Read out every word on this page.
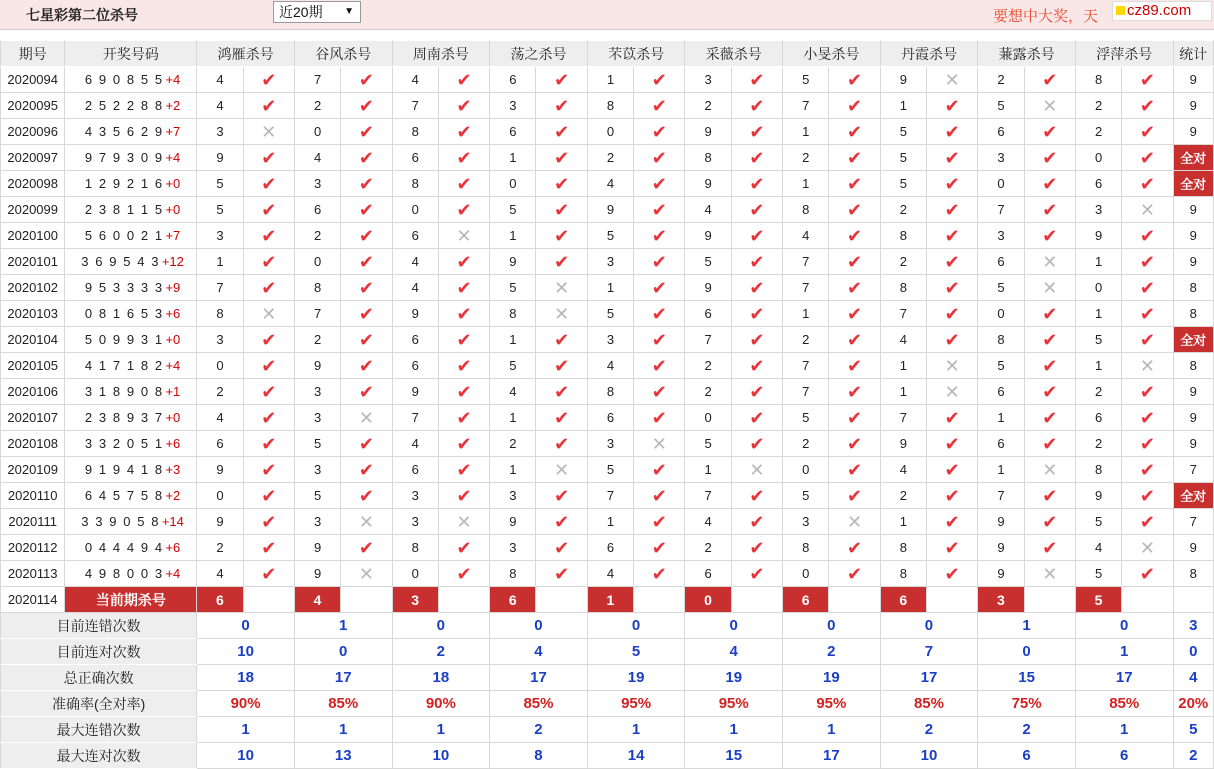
七星彩第二位杀号	近20期 ▼	要想中大奖，天	cz89.com
期号	开奖号码	鸿雁杀号		谷风杀号		周南杀号		荡之杀号		芣苡杀号		采薇杀号		小旻杀号		丹霞杀号		蒹露杀号		浮萍杀号		统计
2020094	6 9 0 8 5 5 +4	4	✔	7	✔	4	✔	6	✔	1	✔	3	✔	5	✔	9	✕	2	✔	8	✔	9
2020095	2 5 2 2 8 8 +2	4	✔	2	✔	7	✔	3	✔	8	✔	2	✔	7	✔	1	✔	5	✕	2	✔	9
2020096	4 3 5 6 2 9 +7	3	✕	0	✔	8	✔	6	✔	0	✔	9	✔	1	✔	5	✔	6	✔	2	✔	9
2020097	9 7 9 3 0 9 +4	9	✔	4	✔	6	✔	1	✔	2	✔	8	✔	2	✔	5	✔	3	✔	0	✔	全对
2020098	1 2 9 2 1 6 +0	5	✔	3	✔	8	✔	0	✔	4	✔	9	✔	1	✔	5	✔	0	✔	6	✔	全对
2020099	2 3 8 1 1 5 +0	5	✔	6	✔	0	✔	5	✔	9	✔	4	✔	8	✔	2	✔	7	✔	3	✕	9
2020100	5 6 0 0 2 1 +7	3	✔	2	✔	6	✕	1	✔	5	✔	9	✔	4	✔	8	✔	3	✔	9	✔	9
2020101	3 6 9 5 4 3 +12	1	✔	0	✔	4	✔	9	✔	3	✔	5	✔	7	✔	2	✔	6	✕	1	✔	9
2020102	9 5 3 3 3 3 +9	7	✔	8	✔	4	✔	5	✕	1	✔	9	✔	7	✔	8	✔	5	✕	0	✔	8
2020103	0 8 1 6 5 3 +6	8	✕	7	✔	9	✔	8	✕	5	✔	6	✔	1	✔	7	✔	0	✔	1	✔	8
2020104	5 0 9 9 3 1 +0	3	✔	2	✔	6	✔	1	✔	3	✔	7	✔	2	✔	4	✔	8	✔	5	✔	全对
2020105	4 1 7 1 8 2 +4	0	✔	9	✔	6	✔	5	✔	4	✔	2	✔	7	✔	1	✕	5	✔	1	✕	8
2020106	3 1 8 9 0 8 +1	2	✔	3	✔	9	✔	4	✔	8	✔	2	✔	7	✔	1	✕	6	✔	2	✔	9
2020107	2 3 8 9 3 7 +0	4	✔	3	✕	7	✔	1	✔	6	✔	0	✔	5	✔	7	✔	1	✔	6	✔	9
2020108	3 3 2 0 5 1 +6	6	✔	5	✔	4	✔	2	✔	3	✕	5	✔	2	✔	9	✔	6	✔	2	✔	9
2020109	9 1 9 4 1 8 +3	9	✔	3	✔	6	✔	1	✕	5	✔	1	✕	0	✔	4	✔	1	✕	8	✔	7
2020110	6 4 5 7 5 8 +2	0	✔	5	✔	3	✔	3	✔	7	✔	7	✔	5	✔	2	✔	7	✔	9	✔	全对
2020111	3 3 9 0 5 8 +14	9	✔	3	✕	3	✕	9	✔	1	✔	4	✔	3	✕	1	✔	9	✔	5	✔	7
2020112	0 4 4 4 9 4 +6	2	✔	9	✔	8	✔	3	✔	6	✔	2	✔	8	✔	8	✔	9	✔	4	✕	9
2020113	4 9 8 0 0 3 +4	4	✔	9	✕	0	✔	8	✔	4	✔	6	✔	0	✔	8	✔	9	✕	5	✔	8
2020114	当前期杀号	6		4		3		6		1		0		6		6		3		5		
目前连错次数		0		1		0		0		0		0		0		0		1		0		3
目前连对次数		10		0		2		4		5		4		2		7		0		1		0
总正确次数		18		17		18		17		19		19		19		17		15		17		4
准确率(全对率)		90%		85%		90%		85%		95%		95%		95%		85%		75%		85%		20%
最大连错次数		1		1		1		2		1		1		1		2		2		1		5
最大连对次数		10		13		10		8		14		15		17		10		6		6		2
